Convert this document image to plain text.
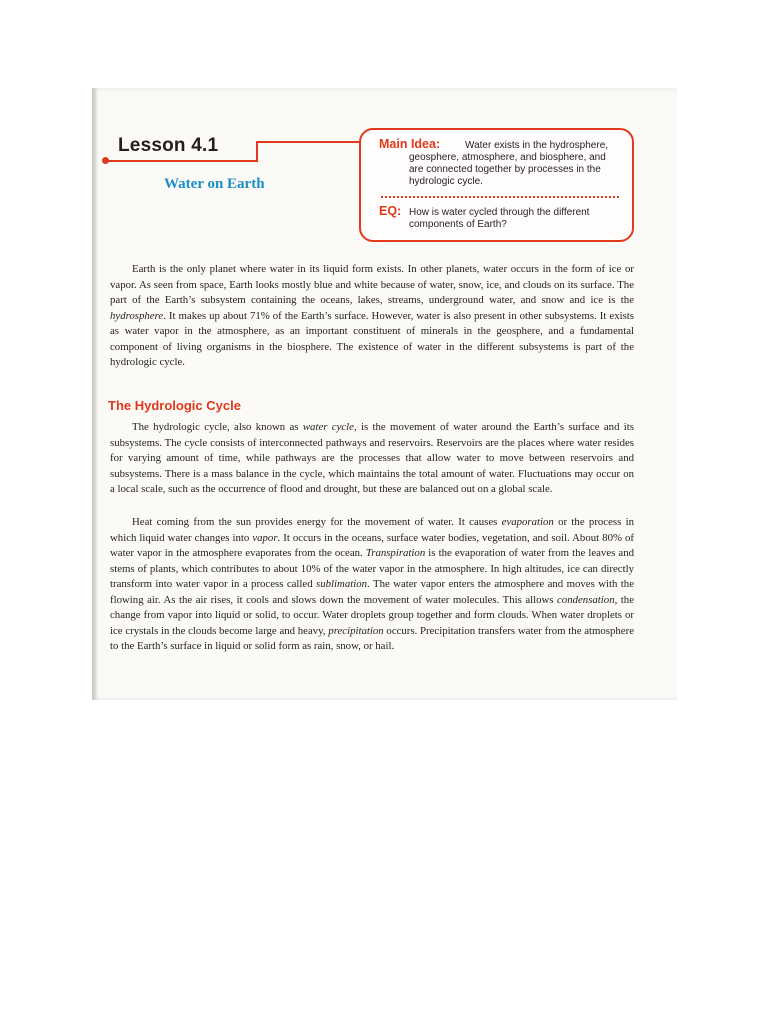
Lesson 4.1
Water on Earth
Main Idea: Water exists in the hydrosphere,
geosphere, atmosphere, and biosphere, and
are connected together by processes in the
hydrologic cycle.
EQ: How is water cycled through the different
components of Earth?

Earth is the only planet where water in its liquid form exists. In other planets, water occurs in the form of ice or vapor. As seen from space, Earth looks mostly blue and white because of water, snow, ice, and clouds on its surface. The part of the Earth’s subsystem containing the oceans, lakes, streams, underground water, and snow and ice is the hydrosphere. It makes up about 71% of the Earth’s surface. However, water is also present in other subsystems. It exists as water vapor in the atmosphere, as an important constituent of minerals in the geosphere, and a fundamental component of living organisms in the biosphere. The existence of water in the different subsystems is part of the hydrologic cycle.

The Hydrologic Cycle

The hydrologic cycle, also known as water cycle, is the movement of water around the Earth’s surface and its subsystems. The cycle consists of interconnected pathways and reservoirs. Reservoirs are the places where water resides for varying amount of time, while pathways are the processes that allow water to move between reservoirs and subsystems. There is a mass balance in the cycle, which maintains the total amount of water. Fluctuations may occur on a local scale, such as the occurrence of flood and drought, but these are balanced out on a global scale.

Heat coming from the sun provides energy for the movement of water. It causes evaporation or the process in which liquid water changes into vapor. It occurs in the oceans, surface water bodies, vegetation, and soil. About 80% of water vapor in the atmosphere evaporates from the ocean. Transpiration is the evaporation of water from the leaves and stems of plants, which contributes to about 10% of the water vapor in the atmosphere. In high altitudes, ice can directly transform into water vapor in a process called sublimation. The water vapor enters the atmosphere and moves with the flowing air. As the air rises, it cools and slows down the movement of water molecules. This allows condensation, the change from vapor into liquid or solid, to occur. Water droplets group together and form clouds. When water droplets or ice crystals in the clouds become large and heavy, precipitation occurs. Precipitation transfers water from the atmosphere to the Earth’s surface in liquid or solid form as rain, snow, or hail.
